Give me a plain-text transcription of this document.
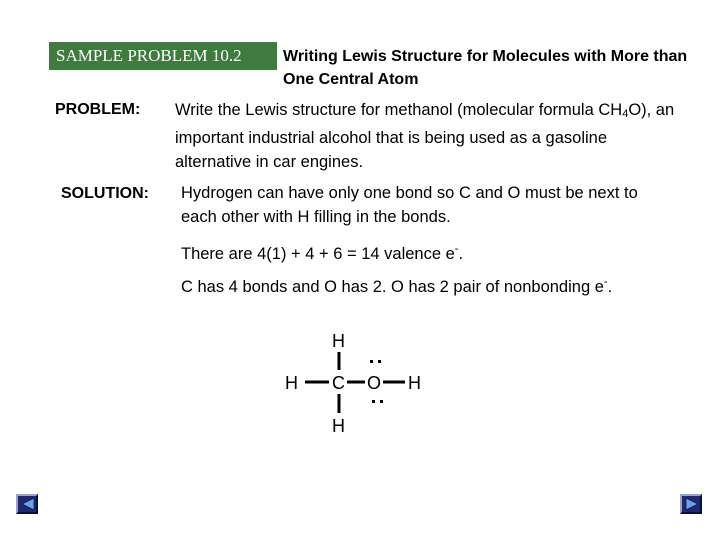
SAMPLE PROBLEM 10.2	Writing Lewis Structure for Molecules with More than One Central Atom
PROBLEM: Write the Lewis structure for methanol (molecular formula $CH_4O$), an important industrial alcohol that is being used as a gasoline alternative in car engines.
SOLUTION: Hydrogen can have only one bond so C and O must be next to each other with H filling in the bonds.
There are 4(1) + 4 + 6 = 14 valence e-.
C has 4 bonds and O has 2. O has 2 pair of nonbonding e-.
H
H C O H
H
